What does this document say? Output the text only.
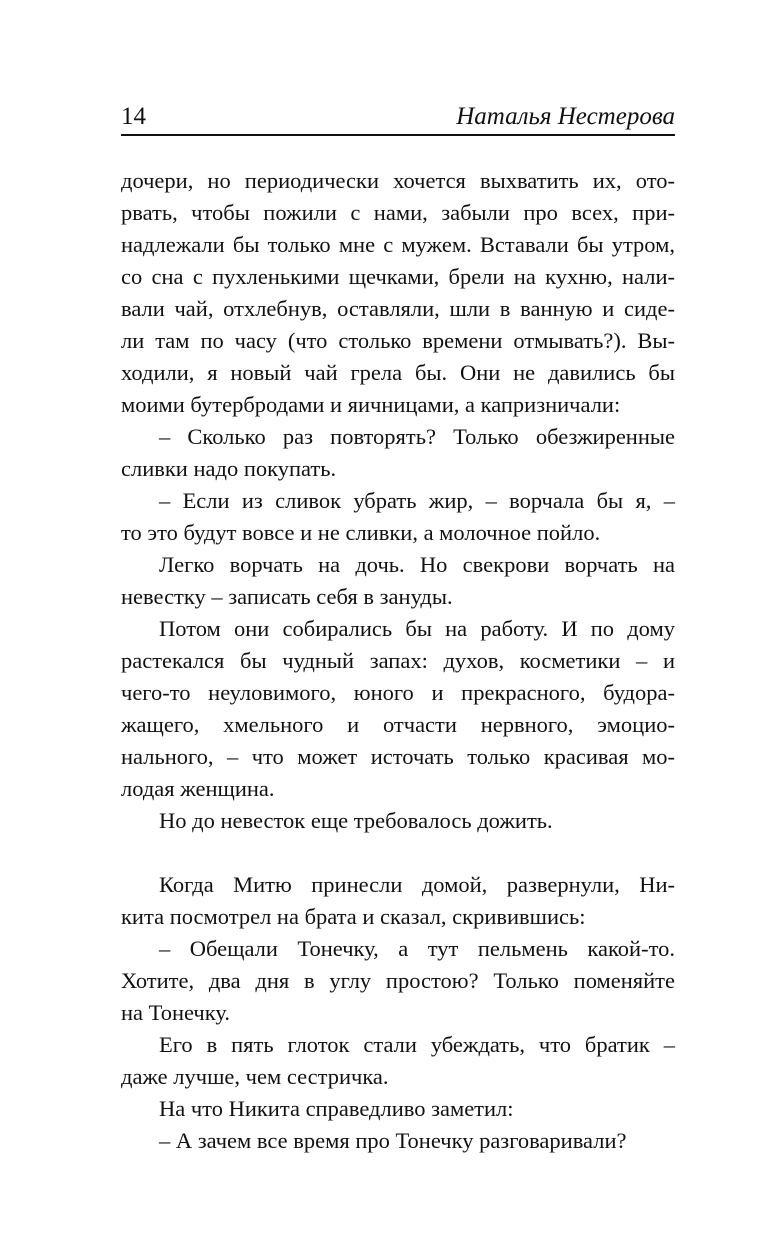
14	Наталья Нестерова
дочери, но периодически хочется выхватить их, ото-
рвать, чтобы пожили с нами, забыли про всех, при-
надлежали бы только мне с мужем. Вставали бы утром,
со сна с пухленькими щечками, брели на кухню, нали-
вали чай, отхлебнув, оставляли, шли в ванную и сиде-
ли там по часу (что столько времени отмывать?). Вы-
ходили, я новый чай грела бы. Они не давились бы
моими бутербродами и яичницами, а капризничали:
– Сколько раз повторять? Только обезжиренные
сливки надо покупать.
– Если из сливок убрать жир, – ворчала бы я, –
то это будут вовсе и не сливки, а молочное пойло.
Легко ворчать на дочь. Но свекрови ворчать на
невестку – записать себя в зануды.
Потом они собирались бы на работу. И по дому
растекался бы чудный запах: духов, косметики – и
чего-то неуловимого, юного и прекрасного, будора-
жащего, хмельного и отчасти нервного, эмоцио-
нального, – что может источать только красивая мо-
лодая женщина.
Но до невесток еще требовалось дожить.
Когда Митю принесли домой, развернули, Ни-
кита посмотрел на брата и сказал, скривившись:
– Обещали Тонечку, а тут пельмень какой-то.
Хотите, два дня в углу простою? Только поменяйте
на Тонечку.
Его в пять глоток стали убеждать, что братик –
даже лучше, чем сестричка.
На что Никита справедливо заметил:
– А зачем все время про Тонечку разговаривали?
